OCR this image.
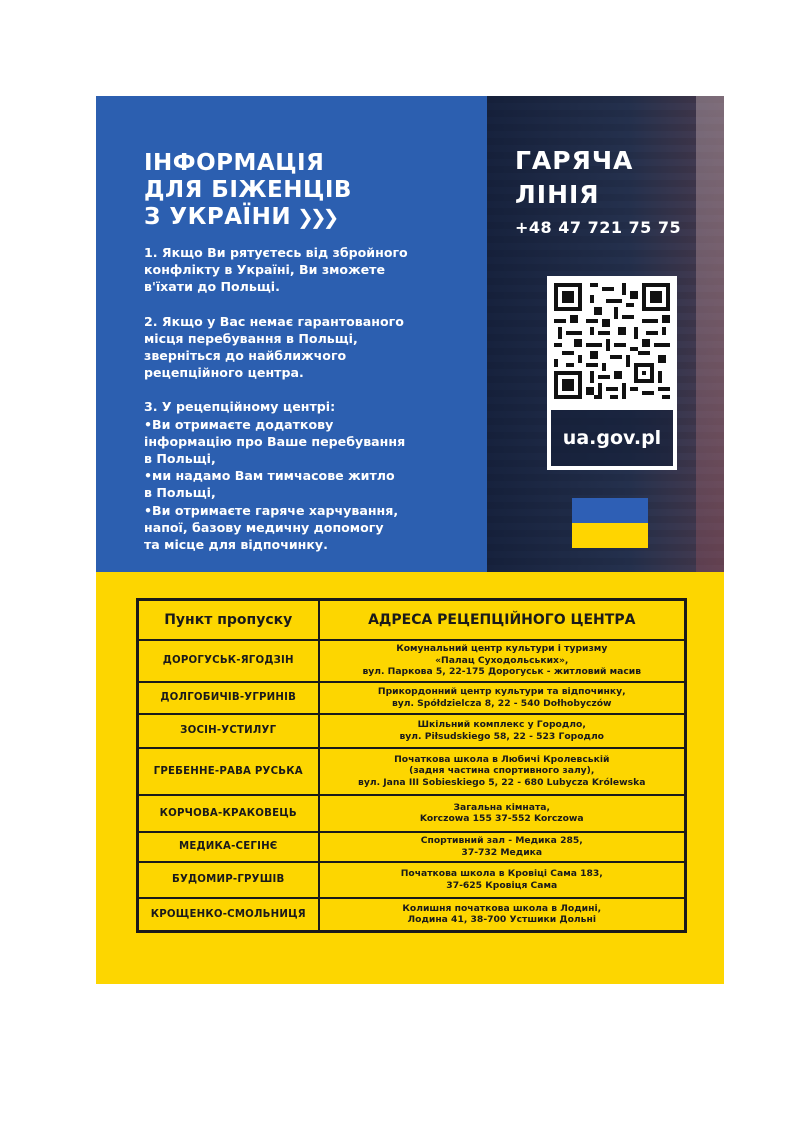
ІНФОРМАЦІЯ
ДЛЯ БІЖЕНЦІВ
З УКРАЇНИ ❯❯❯

1. Якщо Ви рятуєтесь від збройного

конфлікту в Україні, Ви зможете

в'їхати до Польщі.

2. Якщо у Вас немає гарантованого

місця перебування в Польщі,

зверніться до найближчого

рецепційного центра.

3. У рецепційному центрі:

•Ви отримаєте додаткову

інформацію про Ваше перебування

в Польщі,

•ми надамо Вам тимчасове житло

в Польщі,

•Ви отримаєте гаряче харчування,

напої, базову медичну допомогу

та місце для відпочинку.

ГАРЯЧА
ЛІНІЯ
+48 47 721 75 75
ua.gov.pl
Пункт пропуску	АДРЕСА РЕЦЕПЦІЙНОГО ЦЕНТРА
ДОРОГУСЬК-ЯГОДЗІН	Комунальний центр культури і туризму
«Палац Суходольських»,
вул. Паркова 5, 22-175 Дорогуськ - житловий масив

ДОЛГОБИЧІВ-УГРИНІВ	Прикордонний центр культури та відпочинку,
вул. Spółdzielcza 8, 22 - 540 Dołhobyczów

ЗОСІН-УСТИЛУГ	Шкільний комплекс у Городло,
вул. Piłsudskiego 58, 22 - 523 Городло

ГРЕБЕННЕ-РАВА РУСЬКА	Початкова школа в Любичі Кролевській
(задня частина спортивного залу),
вул. Jana III Sobieskiego 5, 22 - 680 Lubycza Królewska

КОРЧОВА-КРАКОВЕЦЬ	Загальна кімната,
Korczowa 155 37-552 Korczowa

МЕДИКА-СЕГІНЄ	Спортивний зал - Медика 285,
37-732 Медика

БУДОМИР-ГРУШІВ	Початкова школа в Кровіці Сама 183,
37-625 Кровіця Сама

КРОЩЕНКО-СМОЛЬНИЦЯ	Колишня початкова школа в Лодині,
Лодина 41, 38-700 Устшики Дольні
